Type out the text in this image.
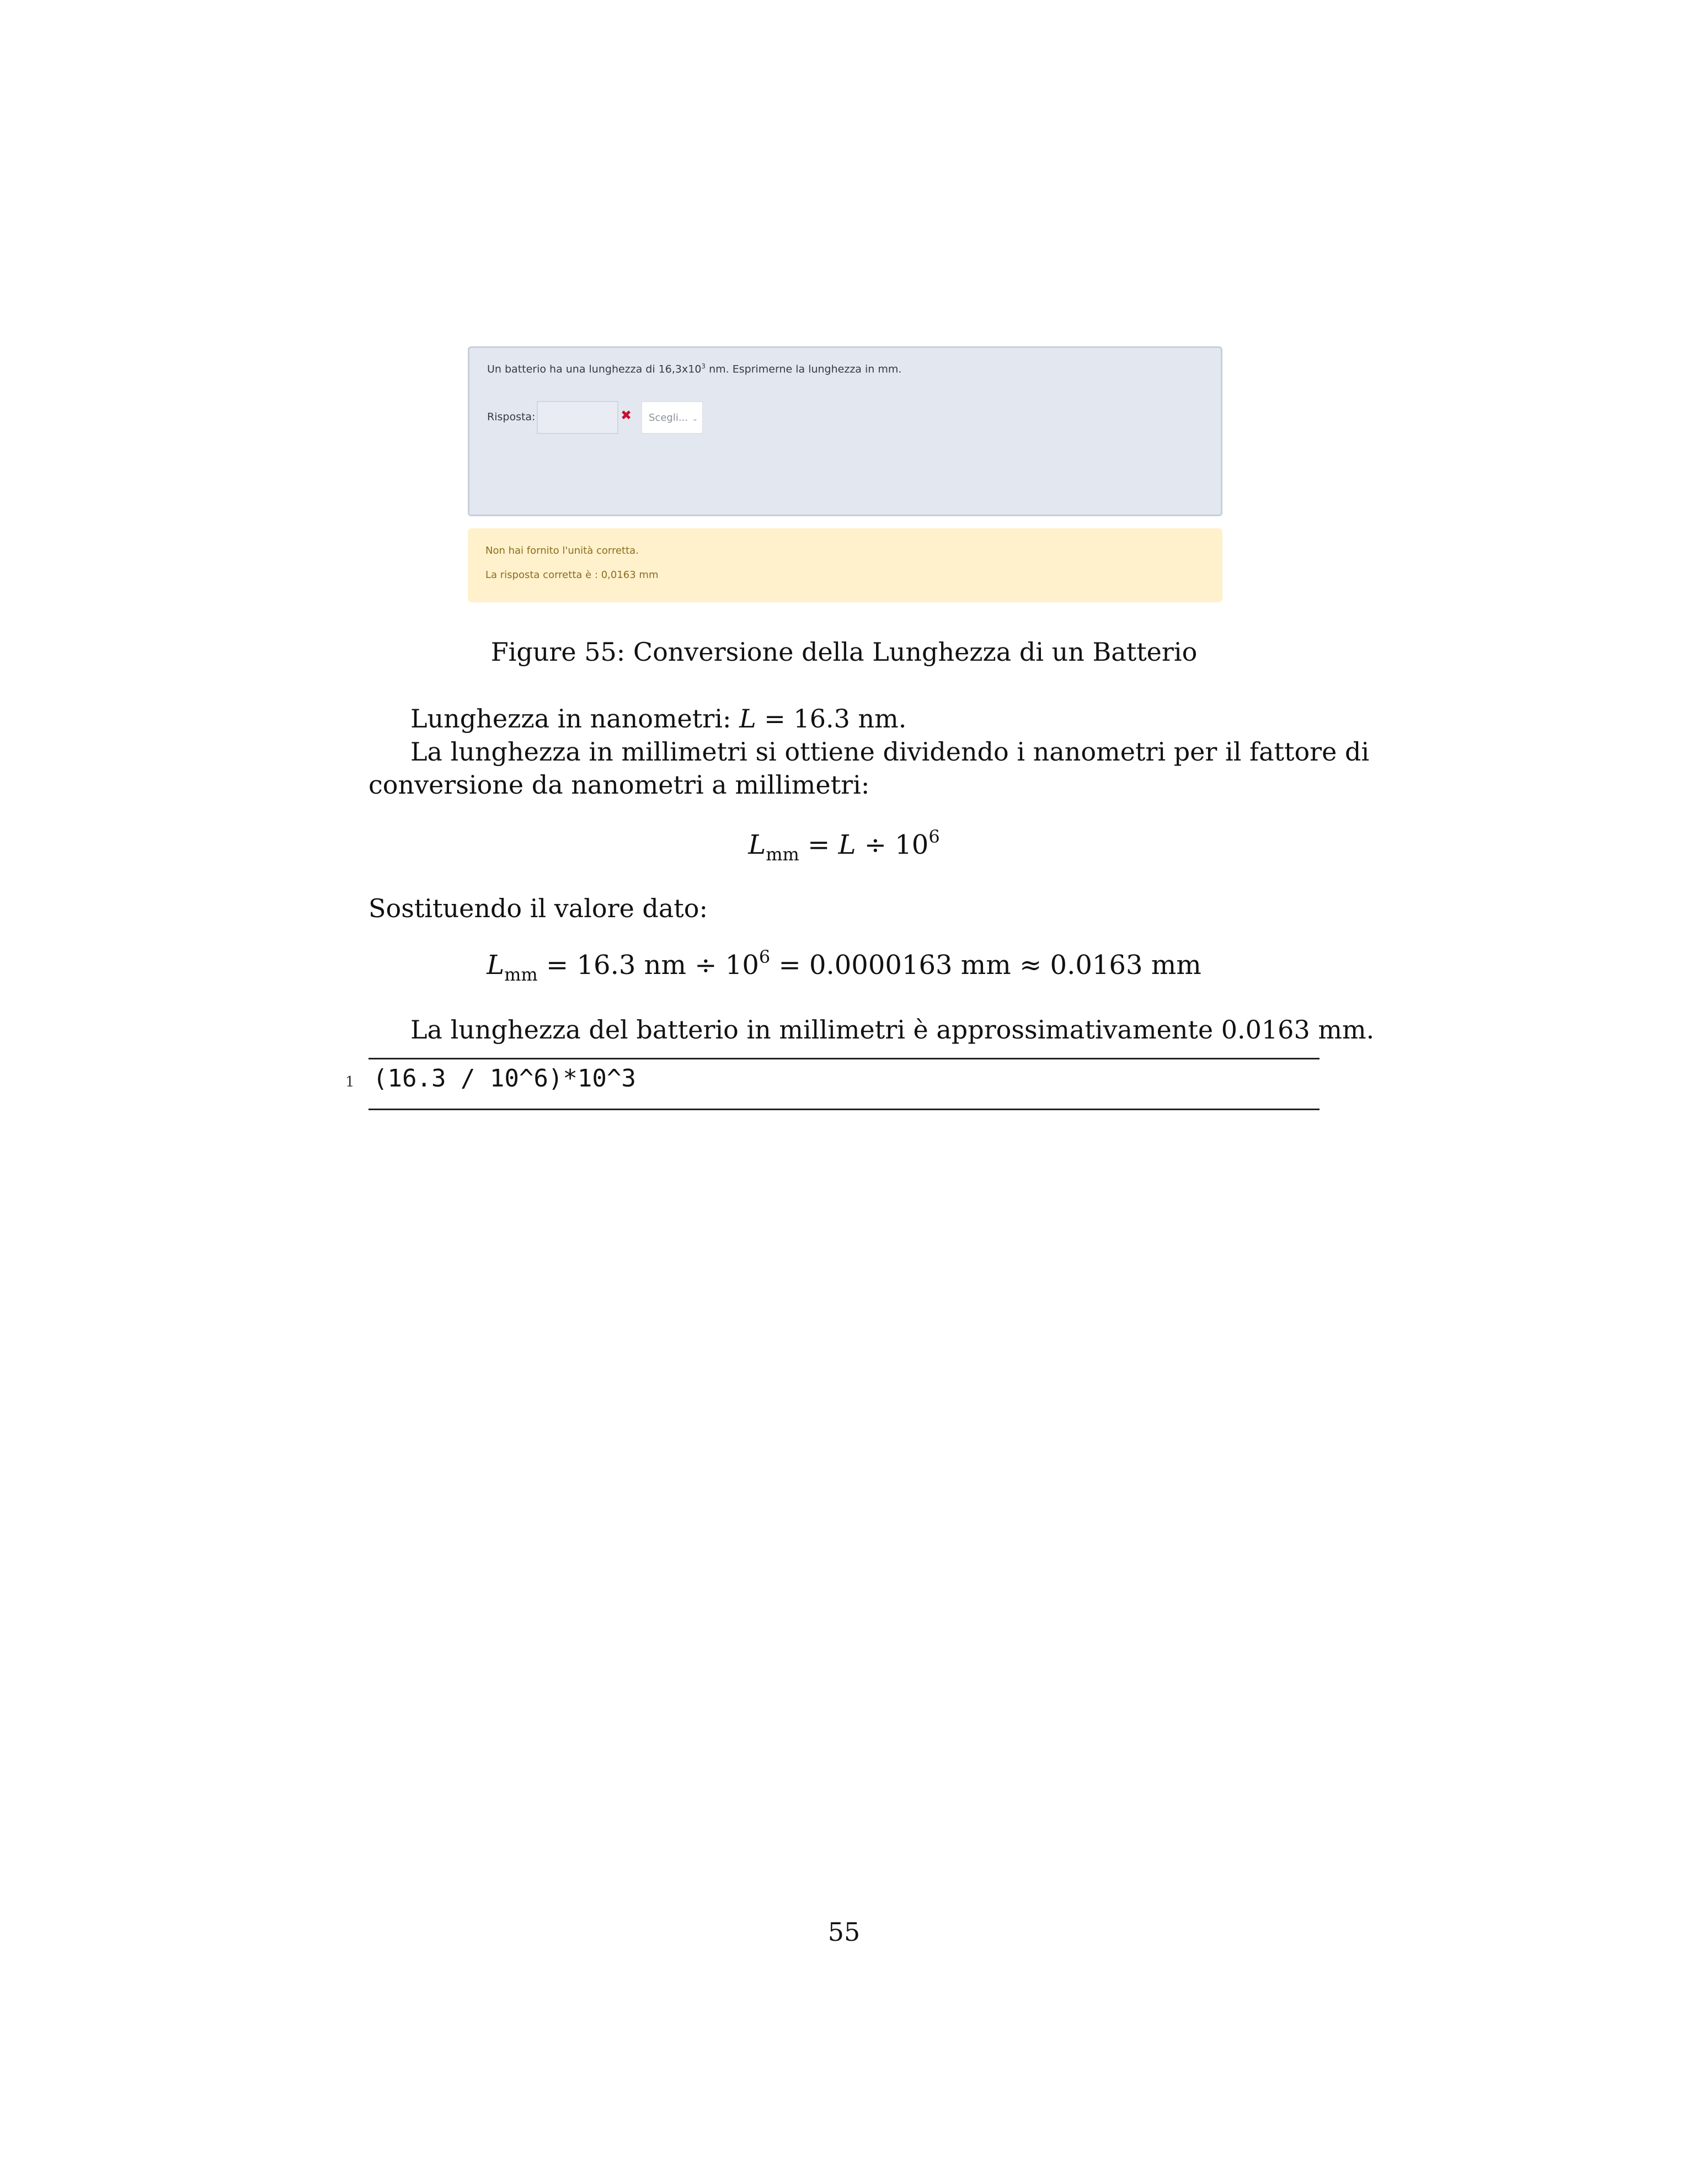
Un batterio ha una lunghezza di $16,3x10^3$ nm. Esprimerne la lunghezza in mm.
Risposta:	✖	Scegli... ⌄
Non hai fornito l'unità corretta.
La risposta corretta è : 0,0163 mm
Figure 55: Conversione della Lunghezza di un Batterio
Lunghezza in nanometri: L = 16.3 nm.
La lunghezza in millimetri si ottiene dividendo i nanometri per il fattore di
conversione da nanometri a millimetri:
$L_{mm} = L \div 10^6$
Sostituendo il valore dato:
$L_{mm} = 16.3$ nm ÷ $10^6 = 0.0000163$ mm ≈ 0.0163 mm
La lunghezza del batterio in millimetri è approssimativamente 0.0163 mm.
1 (16.3 / 10^6)*10^3
55
